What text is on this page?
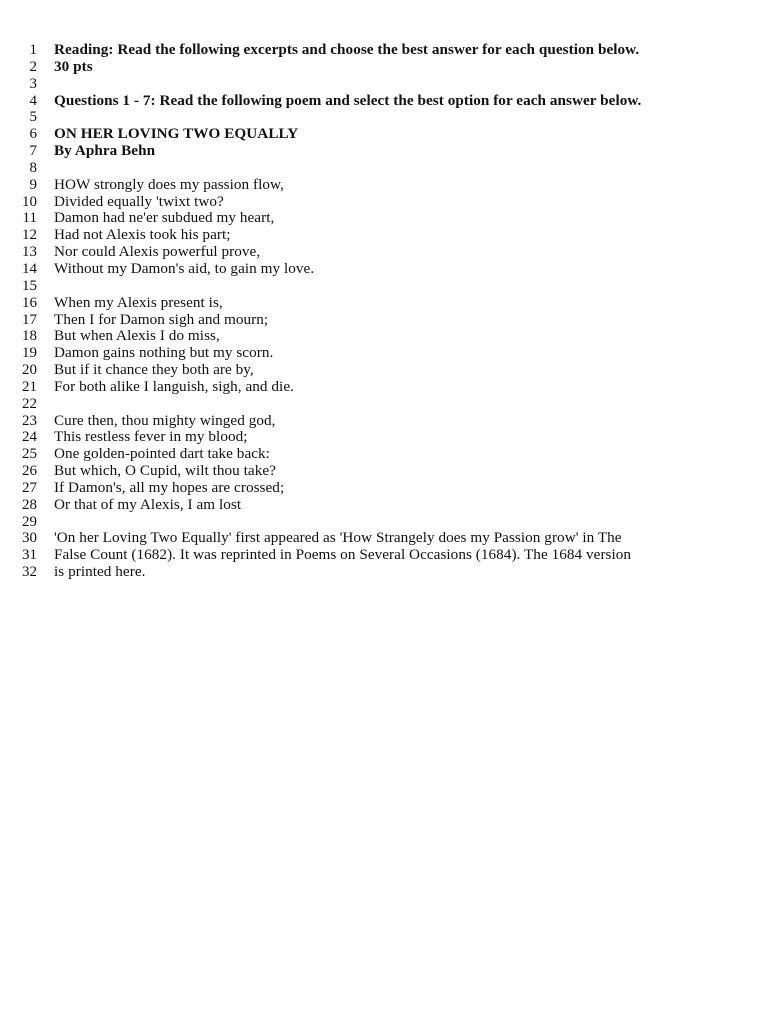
1	Reading: Read the following excerpts and choose the best answer for each question below.
2	30 pts
3
4	Questions 1 - 7: Read the following poem and select the best option for each answer below.
5
6	ON HER LOVING TWO EQUALLY
7	By Aphra Behn
8
9	HOW strongly does my passion flow,
10	Divided equally 'twixt two?
11	Damon had ne'er subdued my heart,
12	Had not Alexis took his part;
13	Nor could Alexis powerful prove,
14	Without my Damon's aid, to gain my love.
15
16	When my Alexis present is,
17	Then I for Damon sigh and mourn;
18	But when Alexis I do miss,
19	Damon gains nothing but my scorn.
20	But if it chance they both are by,
21	For both alike I languish, sigh, and die.
22
23	Cure then, thou mighty winged god,
24	This restless fever in my blood;
25	One golden-pointed dart take back:
26	But which, O Cupid, wilt thou take?
27	If Damon's, all my hopes are crossed;
28	Or that of my Alexis, I am lost
29
30	'On her Loving Two Equally' first appeared as 'How Strangely does my Passion grow' in The
31	False Count (1682). It was reprinted in Poems on Several Occasions (1684). The 1684 version
32	is printed here.
